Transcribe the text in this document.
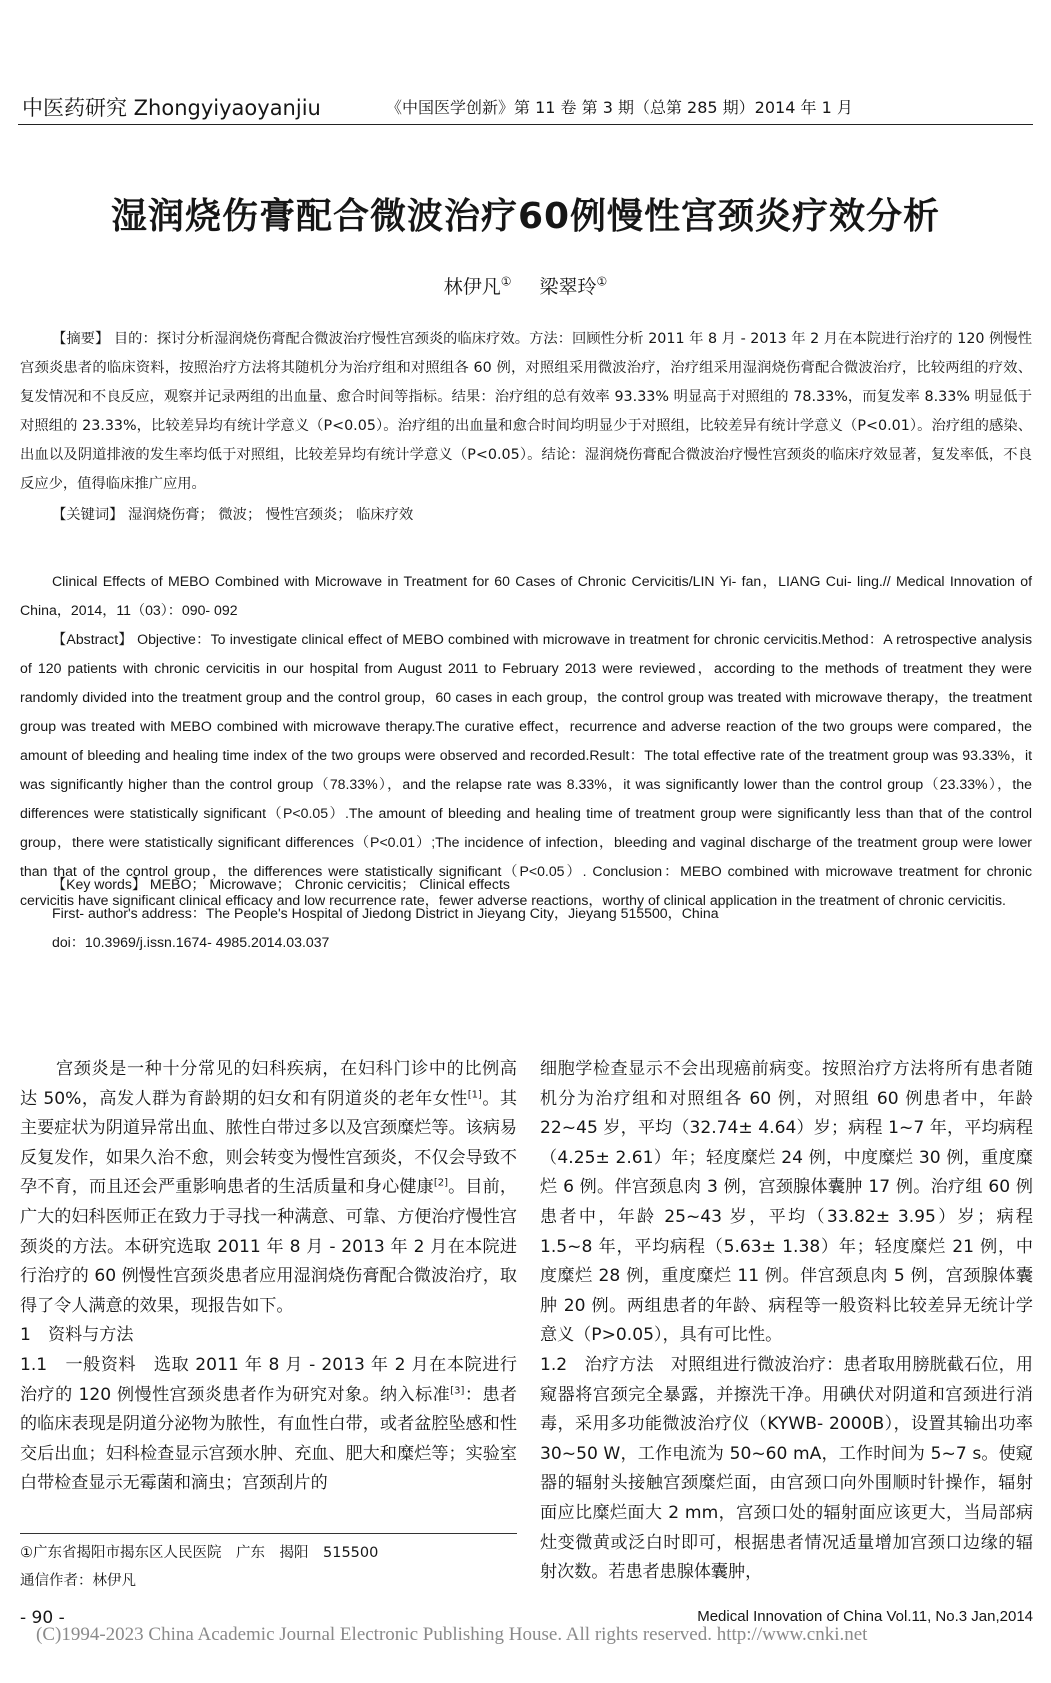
中医药研究 Zhongyiyaoyanjiu	《中国医学创新》第 11 卷 第 3 期（总第 285 期）2014 年 1 月
湿润烧伤膏配合微波治疗60例慢性宫颈炎疗效分析
林伊凡① 梁翠玲①
【摘要】 目的：探讨分析湿润烧伤膏配合微波治疗慢性宫颈炎的临床疗效。方法：回顾性分析 2011 年 8 月 - 2013 年 2 月在本院进行治疗的 120 例慢性宫颈炎患者的临床资料，按照治疗方法将其随机分为治疗组和对照组各 60 例，对照组采用微波治疗，治疗组采用湿润烧伤膏配合微波治疗，比较两组的疗效、复发情况和不良反应，观察并记录两组的出血量、愈合时间等指标。结果：治疗组的总有效率 93.33% 明显高于对照组的 78.33%，而复发率 8.33% 明显低于对照组的 23.33%，比较差异均有统计学意义（P<0.05）。治疗组的出血量和愈合时间均明显少于对照组，比较差异有统计学意义（P<0.01）。治疗组的感染、出血以及阴道排液的发生率均低于对照组，比较差异均有统计学意义（P<0.05）。结论：湿润烧伤膏配合微波治疗慢性宫颈炎的临床疗效显著，复发率低，不良反应少，值得临床推广应用。
【关键词】 湿润烧伤膏； 微波； 慢性宫颈炎； 临床疗效

Clinical Effects of MEBO Combined with Microwave in Treatment for 60 Cases of Chronic Cervicitis/LIN Yi- fan，LIANG Cui- ling.// Medical Innovation of China，2014，11（03）：090- 092

【Abstract】 Objective：To investigate clinical effect of MEBO combined with microwave in treatment for chronic cervicitis.Method：A retrospective analysis of 120 patients with chronic cervicitis in our hospital from August 2011 to February 2013 were reviewed，according to the methods of treatment they were randomly divided into the treatment group and the control group，60 cases in each group，the control group was treated with microwave therapy，the treatment group was treated with MEBO combined with microwave therapy.The curative effect，recurrence and adverse reaction of the two groups were compared，the amount of bleeding and healing time index of the two groups were observed and recorded.Result：The total effective rate of the treatment group was 93.33%，it was significantly higher than the control group（78.33%），and the relapse rate was 8.33%，it was significantly lower than the control group（23.33%），the differences were statistically significant（P<0.05）.The amount of bleeding and healing time of treatment group were significantly less than that of the control group，there were statistically significant differences（P<0.01）;The incidence of infection，bleeding and vaginal discharge of the treatment group were lower than that of the control group，the differences were statistically significant（P<0.05）. Conclusion：MEBO combined with microwave treatment for chronic cervicitis have significant clinical efficacy and low recurrence rate，fewer adverse reactions，worthy of clinical application in the treatment of chronic cervicitis.

【Key words】 MEBO； Microwave； Chronic cervicitis； Clinical effects
First- author's address：The People's Hospital of Jiedong District in Jieyang City，Jieyang 515500，China
doi：10.3969/j.issn.1674- 4985.2014.03.037

宫颈炎是一种十分常见的妇科疾病，在妇科门诊中的比例高达 50%，高发人群为育龄期的妇女和有阴道炎的老年女性[1]。其主要症状为阴道异常出血、脓性白带过多以及宫颈糜烂等。该病易反复发作，如果久治不愈，则会转变为慢性宫颈炎，不仅会导致不孕不育，而且还会严重影响患者的生活质量和身心健康[2]。目前，广大的妇科医师正在致力于寻找一种满意、可靠、方便治疗慢性宫颈炎的方法。本研究选取 2011 年 8 月 - 2013 年 2 月在本院进行治疗的 60 例慢性宫颈炎患者应用湿润烧伤膏配合微波治疗，取得了令人满意的效果，现报告如下。

1　资料与方法

1.1　一般资料　选取 2011 年 8 月 - 2013 年 2 月在本院进行治疗的 120 例慢性宫颈炎患者作为研究对象。纳入标准[3]：患者的临床表现是阴道分泌物为脓性，有血性白带，或者盆腔坠感和性交后出血；妇科检查显示宫颈水肿、充血、肥大和糜烂等；实验室白带检查显示无霉菌和滴虫；宫颈刮片的

细胞学检查显示不会出现癌前病变。按照治疗方法将所有患者随机分为治疗组和对照组各 60 例，对照组 60 例患者中，年龄 22~45 岁，平均（32.74± 4.64）岁；病程 1~7 年，平均病程（4.25± 2.61）年；轻度糜烂 24 例，中度糜烂 30 例，重度糜烂 6 例。伴宫颈息肉 3 例，宫颈腺体囊肿 17 例。治疗组 60 例患者中，年龄 25~43 岁，平均（33.82± 3.95）岁；病程 1.5~8 年，平均病程（5.63± 1.38）年；轻度糜烂 21 例，中度糜烂 28 例，重度糜烂 11 例。伴宫颈息肉 5 例，宫颈腺体囊肿 20 例。两组患者的年龄、病程等一般资料比较差异无统计学意义（P>0.05），具有可比性。

1.2　治疗方法　对照组进行微波治疗：患者取用膀胱截石位，用窥器将宫颈完全暴露，并擦洗干净。用碘伏对阴道和宫颈进行消毒，采用多功能微波治疗仪（KYWB- 2000B），设置其输出功率 30~50 W，工作电流为 50~60 mA，工作时间为 5~7 s。使窥器的辐射头接触宫颈糜烂面，由宫颈口向外围顺时针操作，辐射面应比糜烂面大 2 mm，宫颈口处的辐射面应该更大，当局部病灶变微黄或泛白时即可，根据患者情况适量增加宫颈口边缘的辐射次数。若患者患腺体囊肿，

①广东省揭阳市揭东区人民医院　广东　揭阳　515500
通信作者：林伊凡
- 90 -	Medical Innovation of China Vol.11, No.3 Jan,2014
(C)1994-2023 China Academic Journal Electronic Publishing House. All rights reserved. http://www.cnki.net
